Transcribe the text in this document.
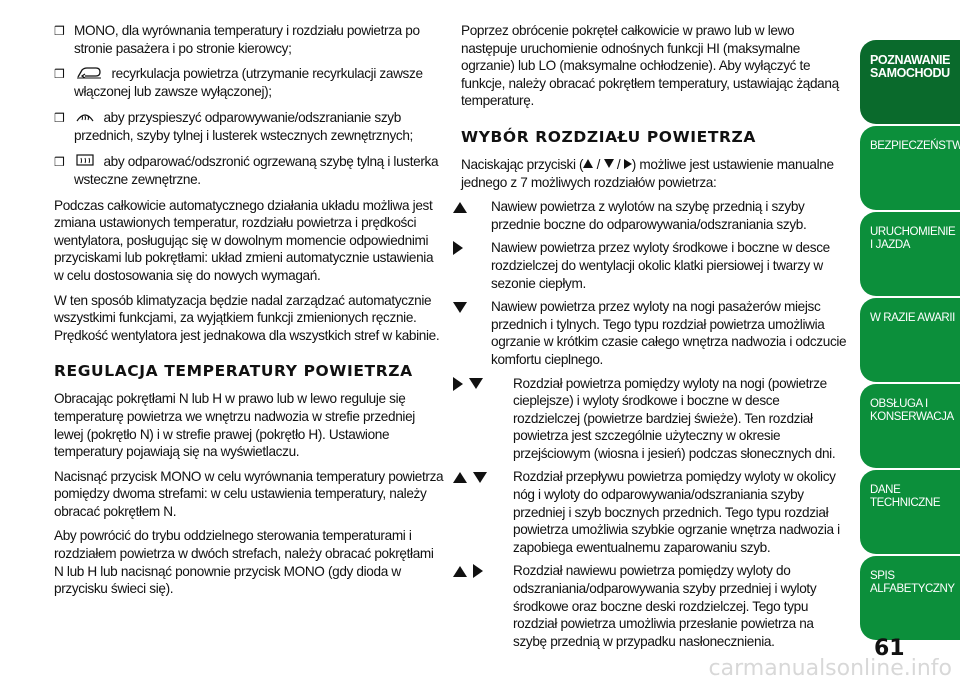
❒ MONO, dla wyrównania temperatury i rozdziału powietrza po stronie pasażera i po stronie kierowcy;
❒	recyrkulacja powietrza (utrzymanie recyrkulacji zawsze włączonej lub zawsze wyłączonej);
❒	aby przyspieszyć odparowywanie/odszranianie szyb przednich, szyby tylnej i lusterek wstecznych zewnętrznych;
❒	aby odparować/odszronić ogrzewaną szybę tylną i lusterka wsteczne zewnętrzne.

Podczas całkowicie automatycznego działania układu możliwa jest zmiana ustawionych temperatur, rozdziału powietrza i prędkości wentylatora, posługując się w dowolnym momencie odpowiednimi przyciskami lub pokrętłami: układ zmieni automatycznie ustawienia w celu dostosowania się do nowych wymagań.

W ten sposób klimatyzacja będzie nadal zarządzać automatycznie wszystkimi funkcjami, za wyjątkiem funkcji zmienionych ręcznie. Prędkość wentylatora jest jednakowa dla wszystkich stref w kabinie.

REGULACJA TEMPERATURY POWIETRZA

Obracając pokrętłami N lub H w prawo lub w lewo reguluje się temperaturę powietrza we wnętrzu nadwozia w strefie przedniej lewej (pokrętło N) i w strefie prawej (pokrętło H). Ustawione temperatury pojawiają się na wyświetlaczu.

Nacisnąć przycisk MONO w celu wyrównania temperatury powietrza pomiędzy dwoma strefami: w celu ustawienia temperatury, należy obracać pokrętłem N.

Aby powrócić do trybu oddzielnego sterowania temperaturami i rozdziałem powietrza w dwóch strefach, należy obracać pokrętłami N lub H lub nacisnąć ponownie przycisk MONO (gdy dioda w przycisku świeci się).

Poprzez obrócenie pokręteł całkowicie w prawo lub w lewo następuje uruchomienie odnośnych funkcji HI (maksymalne ogrzanie) lub LO (maksymalne ochłodzenie). Aby wyłączyć te funkcje, należy obracać pokrętłem temperatury, ustawiając żądaną temperaturę.

WYBÓR ROZDZIAŁU POWIETRZA

Naciskając przyciski ( /  / ) możliwe jest ustawienie manualne jednego z 7 możliwych rozdziałów powietrza:

Nawiew powietrza z wylotów na szybę przednią i szyby przednie boczne do odparowywania/odszraniania szyb.
Nawiew powietrza przez wyloty środkowe i boczne w desce rozdzielczej do wentylacji okolic klatki piersiowej i twarzy w sezonie ciepłym.
Nawiew powietrza przez wyloty na nogi pasażerów miejsc przednich i tylnych. Tego typu rozdział powietrza umożliwia ogrzanie w krótkim czasie całego wnętrza nadwozia i odczucie komfortu cieplnego.
Rozdział powietrza pomiędzy wyloty na nogi (powietrze cieplejsze) i wyloty środkowe i boczne w desce rozdzielczej (powietrze bardziej świeże). Ten rozdział powietrza jest szczególnie użyteczny w okresie przejściowym (wiosna i jesień) podczas słonecznych dni.
Rozdział przepływu powietrza pomiędzy wyloty w okolicy nóg i wyloty do odparowywania/odszraniania szyby przedniej i szyb bocznych przednich. Tego typu rozdział powietrza umożliwia szybkie ogrzanie wnętrza nadwozia i zapobiega ewentualnemu zaparowaniu szyb.
Rozdział nawiewu powietrza pomiędzy wyloty do odszraniania/odparowywania szyby przedniej i wyloty środkowe oraz boczne deski rozdzielczej. Tego typu rozdział powietrza umożliwia przesłanie powietrza na szybę przednią w przypadku nasłonecznienia.
POZNAWANIE SAMOCHODU
BEZPIECZEŃSTWO
URUCHOMIENIE I JAZDA
W RAZIE AWARII
OBSŁUGA I KONSERWACJA
DANE TECHNICZNE
SPIS ALFABETYCZNY
61
carmanualsonline.info
